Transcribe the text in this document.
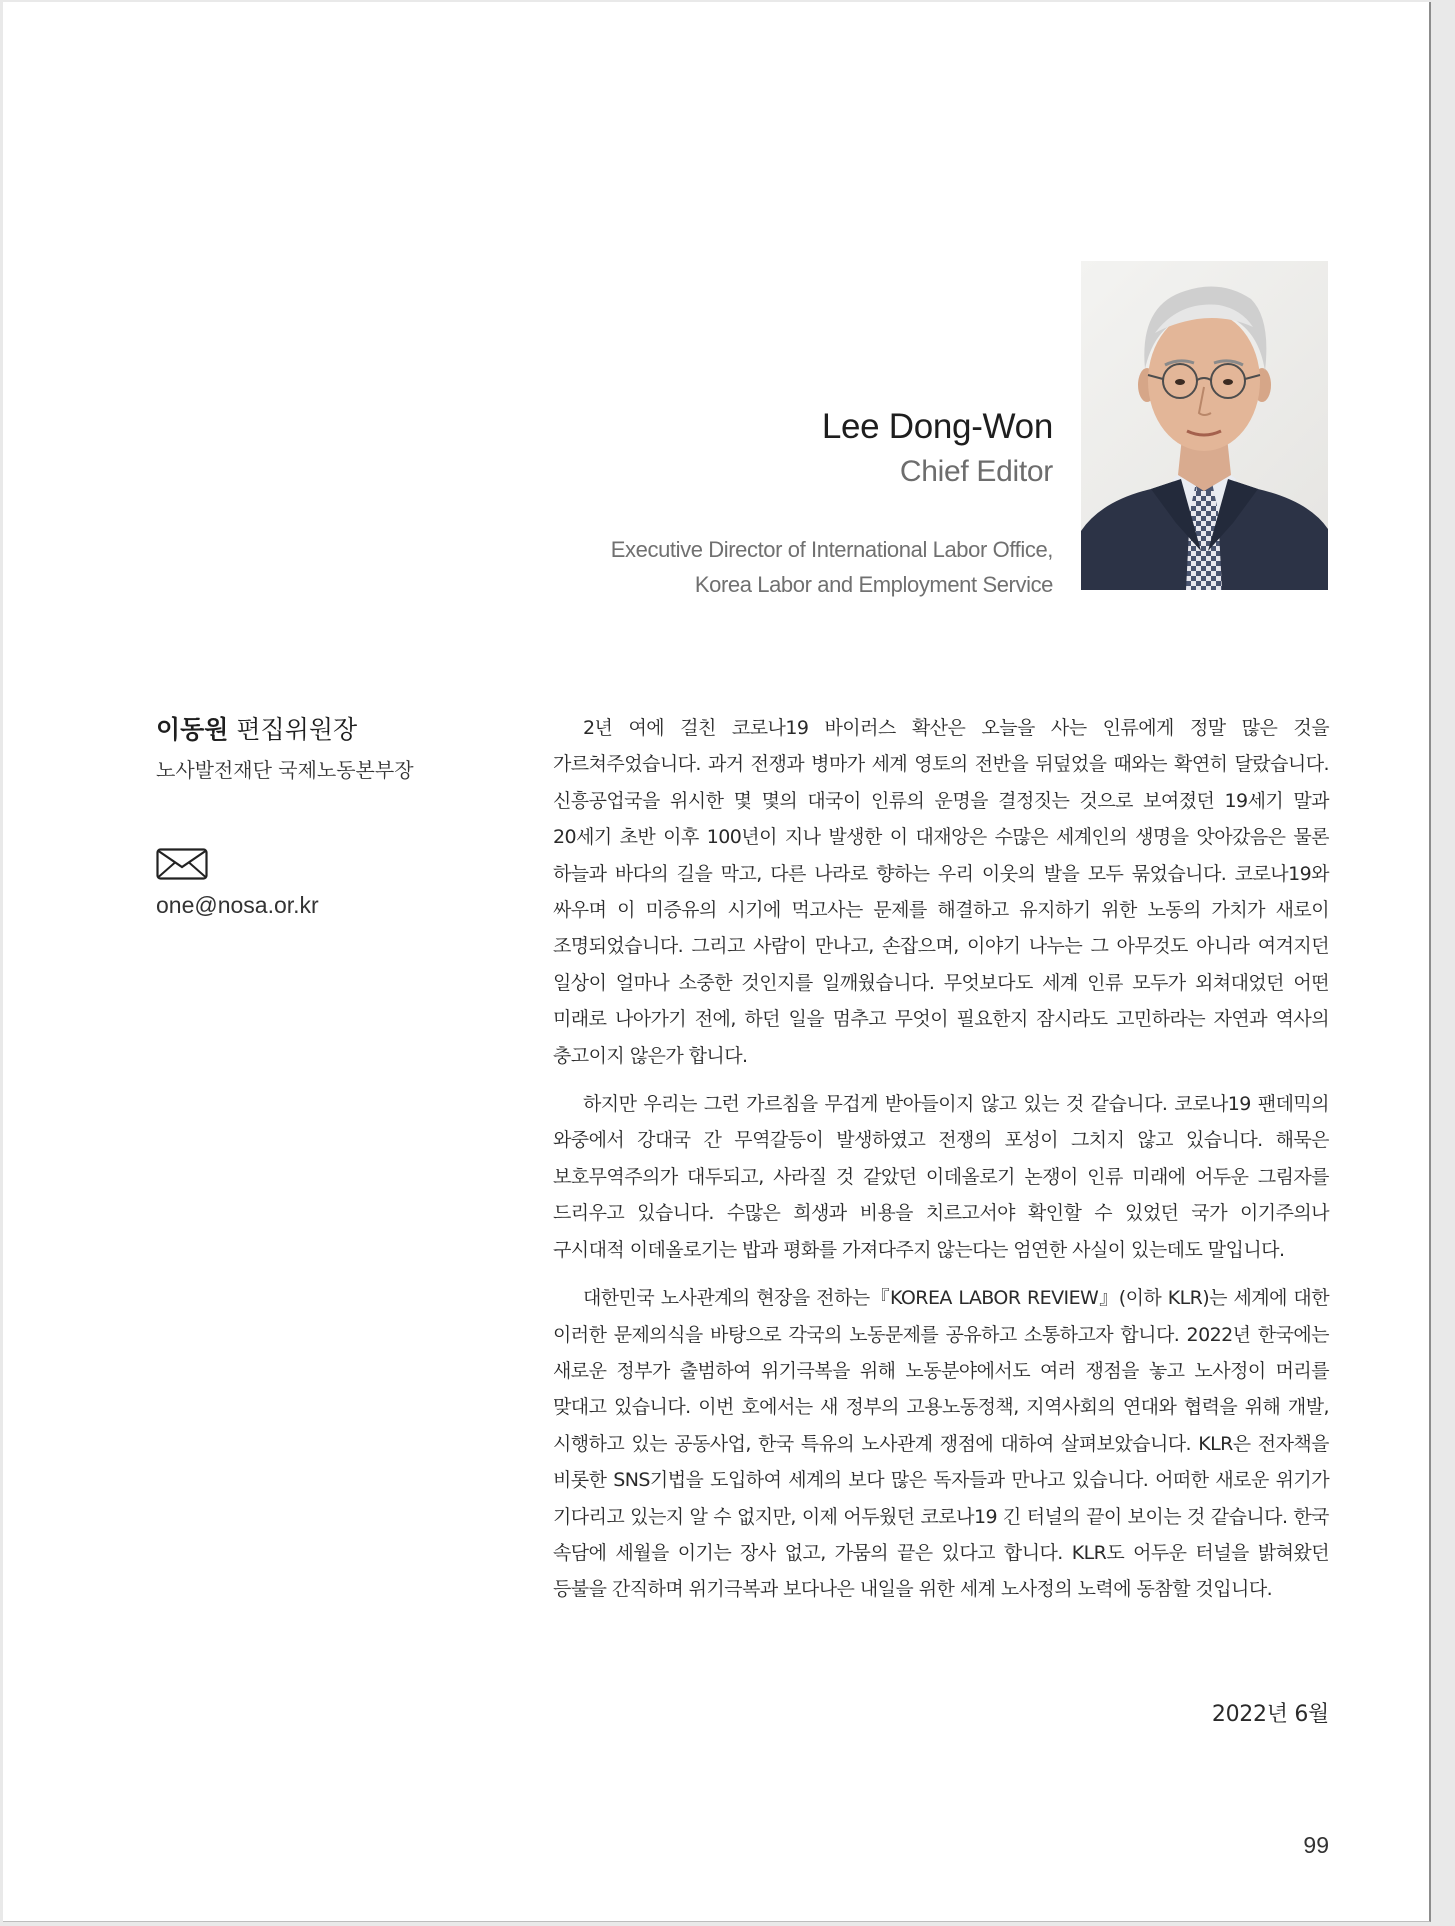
Lee Dong-Won
Chief Editor
Executive Director of International Labor Office,
Korea Labor and Employment Service
이동원 편집위원장
노사발전재단 국제노동본부장
one@nosa.or.kr

2년 여에 걸친 코로나19 바이러스 확산은 오늘을 사는 인류에게 정말 많은 것을 가르쳐주었습니다. 과거 전쟁과 병마가 세계 영토의 전반을 뒤덮었을 때와는 확연히 달랐습니다. 신흥공업국을 위시한 몇 몇의 대국이 인류의 운명을 결정짓는 것으로 보여졌던 19세기 말과 20세기 초반 이후 100년이 지나 발생한 이 대재앙은 수많은 세계인의 생명을 앗아갔음은 물론 하늘과 바다의 길을 막고, 다른 나라로 향하는 우리 이웃의 발을 모두 묶었습니다. 코로나19와 싸우며 이 미증유의 시기에 먹고사는 문제를 해결하고 유지하기 위한 노동의 가치가 새로이 조명되었습니다. 그리고 사람이 만나고, 손잡으며, 이야기 나누는 그 아무것도 아니라 여겨지던 일상이 얼마나 소중한 것인지를 일깨웠습니다. 무엇보다도 세계 인류 모두가 외쳐대었던 어떤 미래로 나아가기 전에, 하던 일을 멈추고 무엇이 필요한지 잠시라도 고민하라는 자연과 역사의 충고이지 않은가 합니다.

하지만 우리는 그런 가르침을 무겁게 받아들이지 않고 있는 것 같습니다. 코로나19 팬데믹의 와중에서 강대국 간 무역갈등이 발생하였고 전쟁의 포성이 그치지 않고 있습니다. 해묵은 보호무역주의가 대두되고, 사라질 것 같았던 이데올로기 논쟁이 인류 미래에 어두운 그림자를 드리우고 있습니다. 수많은 희생과 비용을 치르고서야 확인할 수 있었던 국가 이기주의나 구시대적 이데올로기는 밥과 평화를 가져다주지 않는다는 엄연한 사실이 있는데도 말입니다.

대한민국 노사관계의 현장을 전하는『KOREA LABOR REVIEW』(이하 KLR)는 세계에 대한 이러한 문제의식을 바탕으로 각국의 노동문제를 공유하고 소통하고자 합니다. 2022년 한국에는 새로운 정부가 출범하여 위기극복을 위해 노동분야에서도 여러 쟁점을 놓고 노사정이 머리를 맞대고 있습니다. 이번 호에서는 새 정부의 고용노동정책, 지역사회의 연대와 협력을 위해 개발, 시행하고 있는 공동사업, 한국 특유의 노사관계 쟁점에 대하여 살펴보았습니다. KLR은 전자책을 비롯한 SNS기법을 도입하여 세계의 보다 많은 독자들과 만나고 있습니다. 어떠한 새로운 위기가 기다리고 있는지 알 수 없지만, 이제 어두웠던 코로나19 긴 터널의 끝이 보이는 것 같습니다. 한국 속담에 세월을 이기는 장사 없고, 가뭄의 끝은 있다고 합니다. KLR도 어두운 터널을 밝혀왔던 등불을 간직하며 위기극복과 보다나은 내일을 위한 세계 노사정의 노력에 동참할 것입니다.

2022년 6월
99
